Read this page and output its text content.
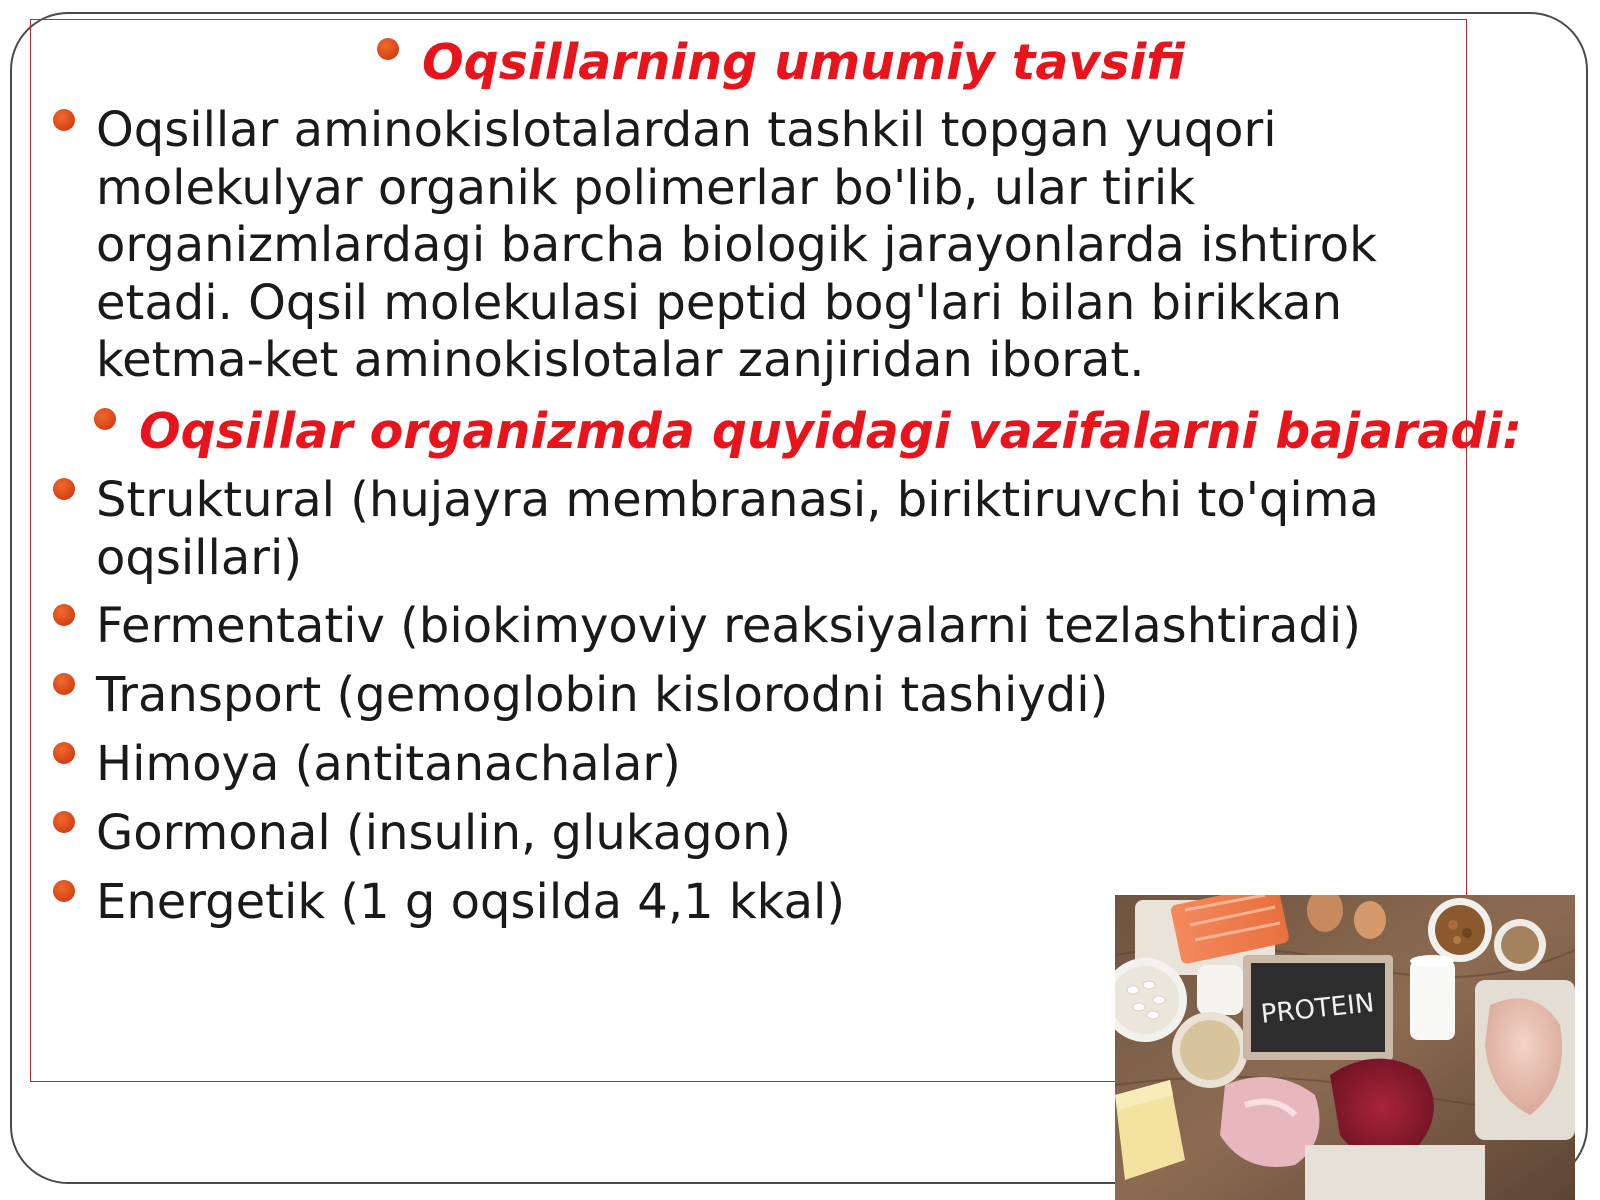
Oqsillarning umumiy tavsifi
Oqsillar aminokislotalardan tashkil topgan yuqori
molekulyar organik polimerlar bo'lib, ular tirik
organizmlardagi barcha biologik jarayonlarda ishtirok
etadi. Oqsil molekulasi peptid bog'lari bilan birikkan
ketma-ket aminokislotalar zanjiridan iborat.
Oqsillar organizmda quyidagi vazifalarni bajaradi:
Struktural (hujayra membranasi, biriktiruvchi to'qima
oqsillari)
Fermentativ (biokimyoviy reaksiyalarni tezlashtiradi)
Transport (gemoglobin kislorodni tashiydi)
Himoya (antitanachalar)
Gormonal (insulin, glukagon)
Energetik (1 g oqsilda 4,1 kkal)
PROTEIN
